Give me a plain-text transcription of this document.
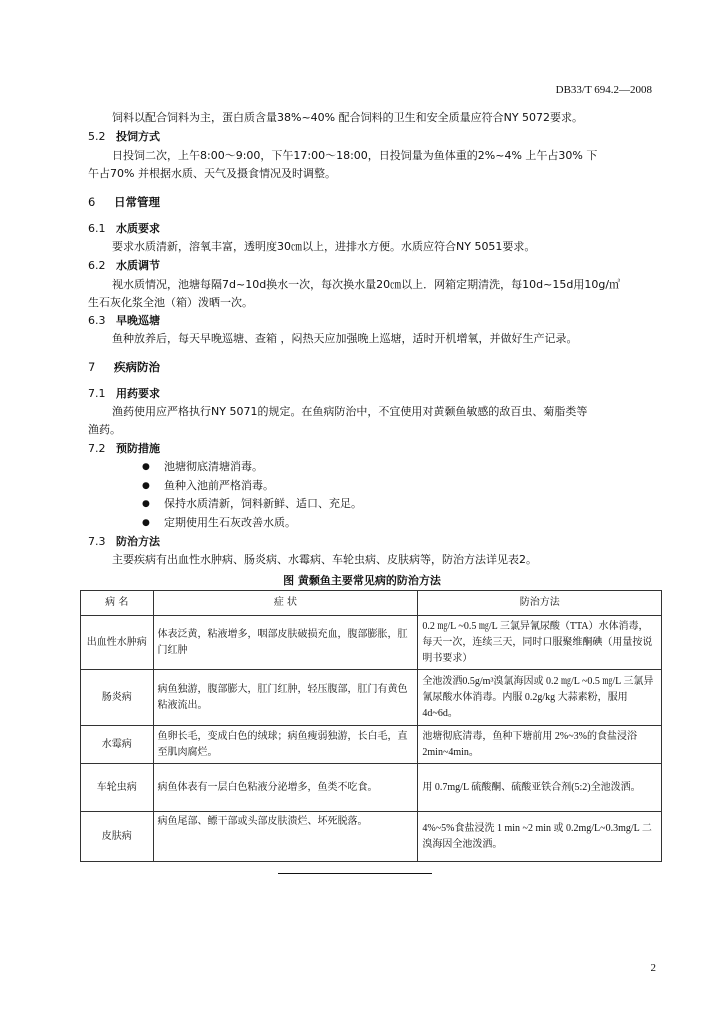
DB33/T 694.2—2008
饲料以配合饲料为主，蛋白质含量38%~40% 配合饲料的卫生和安全质量应符合NY 5072要求。
5.2 投饲方式
日投饲二次，上午8:00～9:00，下午17:00～18:00，日投饲量为鱼体重的2%~4% 上午占30% 下
午占70% 并根据水质、天气及摄食情况及时调整。
6 日常管理
6.1 水质要求
要求水质清新，溶氧丰富，透明度30㎝以上，进排水方便。水质应符合NY 5051要求。
6.2 水质调节
视水质情况，池塘每隔7d~10d换水一次，每次换水量20㎝以上．网箱定期清洗，每10d~15d用10g/㎥
生石灰化浆全池（箱）泼晒一次。
6.3 早晚巡塘
鱼种放养后，每天早晚巡塘、查箱 ，闷热天应加强晚上巡塘，适时开机增氧，并做好生产记录。
7 疾病防治
7.1 用药要求
渔药使用应严格执行NY 5071的规定。在鱼病防治中，不宜使用对黄颡鱼敏感的敌百虫、菊脂类等
渔药。
7.2 预防措施
● 池塘彻底清塘消毒。
● 鱼种入池前严格消毒。
● 保持水质清新，饲料新鲜、适口、充足。
● 定期使用生石灰改善水质。
7.3 防治方法
主要疾病有出血性水肿病、肠炎病、水霉病、车轮虫病、皮肤病等，防治方法详见表2。
图 黄颡鱼主要常见病的防治方法
病 名	症 状	防治方法
出血性水肿病	体表泛黄，粘液增多，咽部皮肤破损充血，腹部膨胀，肛门红肿	0.2 ㎎/L ~0.5 ㎎/L 三氯异氰尿酸（TTA）水体消毒，每天一次，连续三天，同时口服聚维酮碘（用量按说明书要求）
肠炎病	病鱼独游，腹部膨大，肛门红肿，轻压腹部，肛门有黄色粘液流出。	全池泼洒0.5g/m³溴氯海因或 0.2 ㎎/L ~0.5 ㎎/L 三氯异氰尿酸水体消毒。内服 0.2g/kg 大蒜素粉，服用 4d~6d。
水霉病	鱼卵长毛，变成白色的绒球；病鱼瘦弱独游，长白毛，直至肌肉腐烂。	池塘彻底清毒，鱼种下塘前用 2%~3%的食盐浸浴 2min~4min。
车轮虫病	病鱼体表有一层白色粘液分泌增多，鱼类不吃食。	用 0.7mg/L 硫酸酮、硫酸亚铁合剂(5:2)全池泼洒。
皮肤病	病鱼尾部、鳔干部或头部皮肤溃烂、坏死脱落。	4%~5%食盐浸洗 1 min ~2 min 或 0.2mg/L~0.3mg/L 二溴海因全池泼洒。
2
